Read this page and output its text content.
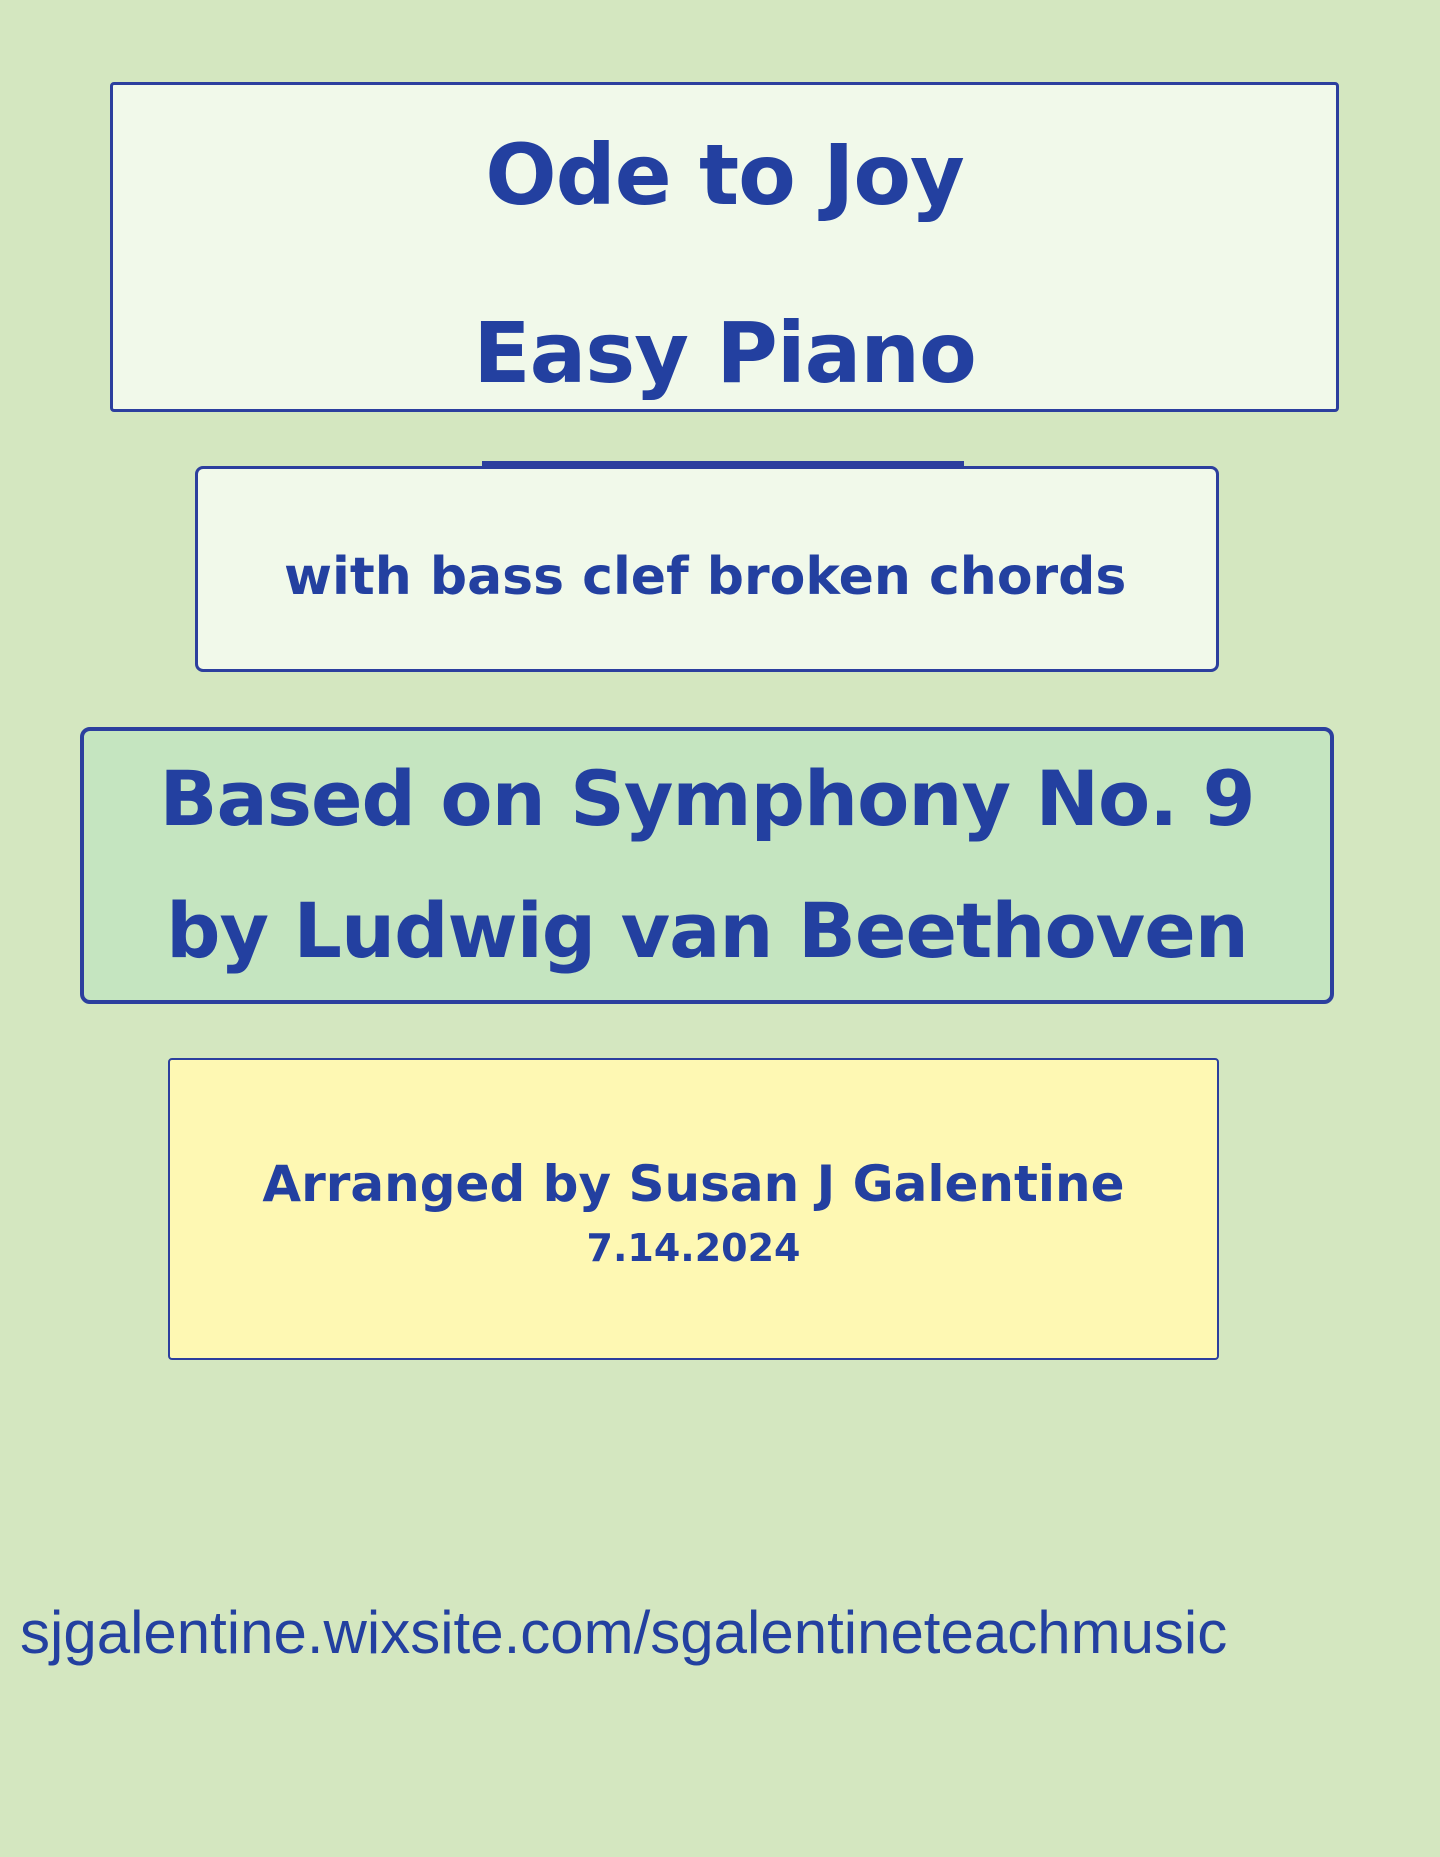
Ode to Joy
Easy Piano
with bass clef broken chords
Based on Symphony No. 9
by Ludwig van Beethoven
Arranged by Susan J Galentine
7.14.2024
sjgalentine.wixsite.com/sgalentineteachmusic
